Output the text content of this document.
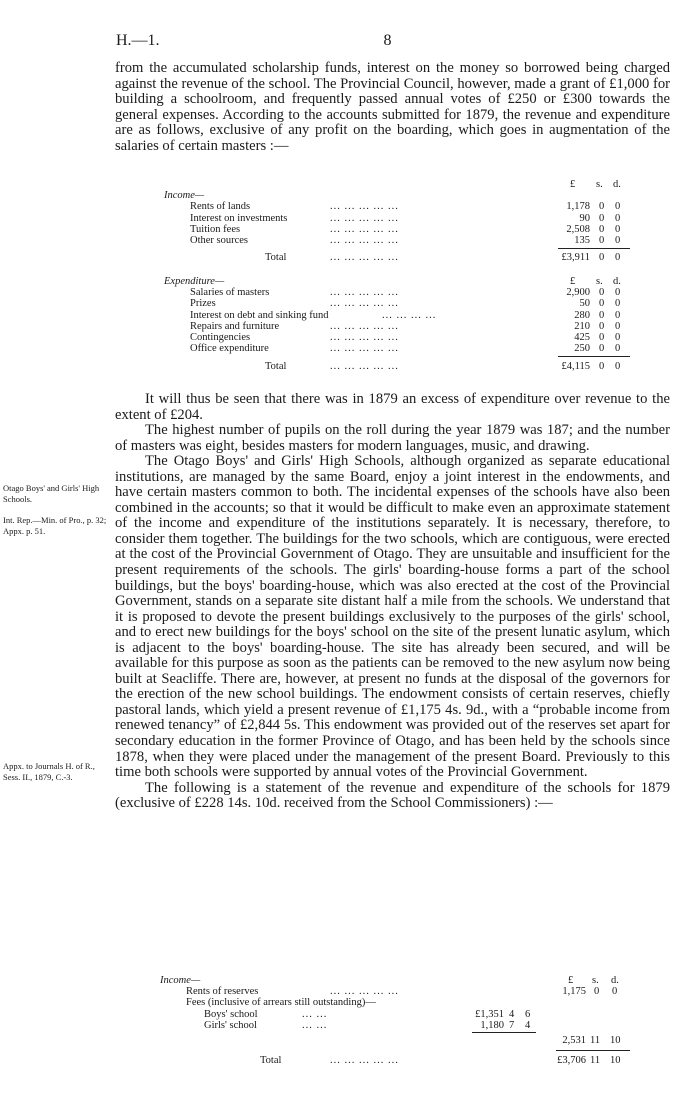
H.—1.	8

from the accumulated scholarship funds, interest on the money so borrowed being charged against the revenue of the school. The Provincial Council, however, made a grant of £1,000 for building a schoolroom, and frequently passed annual votes of £250 or £300 towards the general expenses. According to the accounts submitted for 1879, the revenue and expenditure are as follows, exclusive of any profit on the boarding, which goes in augmentation of the salaries of certain masters :—

£ s. d.
Income—
Rents of lands	... ... ... ... ...	1,178 0 0
Interest on investments	... ... ... ... ...	90 0 0
Tuition fees	... ... ... ... ...	2,508 0 0
Other sources	... ... ... ... ...	135 0 0
Total	... ... ... ... ...	£3,911 0 0
Expenditure—	£ s. d.
Salaries of masters	... ... ... ... ...	2,900 0 0
Prizes	... ... ... ... ...	50 0 0
Interest on debt and sinking fund	... ... ... ...	280 0 0
Repairs and furniture	... ... ... ... ...	210 0 0
Contingencies	... ... ... ... ...	425 0 0
Office expenditure	... ... ... ... ...	250 0 0
Total	... ... ... ... ...	£4,115 0 0

It will thus be seen that there was in 1879 an excess of expenditure over revenue to the extent of £204.

The highest number of pupils on the roll during the year 1879 was 187; and the number of masters was eight, besides masters for modern languages, music, and drawing.

The Otago Boys' and Girls' High Schools, although organized as separate educational institutions, are managed by the same Board, enjoy a joint interest in the endowments, and have certain masters common to both. The incidental expenses of the schools have also been combined in the accounts; so that it would be difficult to make even an approximate statement of the income and expenditure of the institutions separately. It is necessary, therefore, to consider them together. The buildings for the two schools, which are contiguous, were erected at the cost of the Provincial Government of Otago. They are unsuitable and insufficient for the present requirements of the schools. The girls' boarding-house forms a part of the school buildings, but the boys' boarding-house, which was also erected at the cost of the Provincial Government, stands on a separate site distant half a mile from the schools. We understand that it is proposed to devote the present buildings exclusively to the purposes of the girls' school, and to erect new buildings for the boys' school on the site of the present lunatic asylum, which is adjacent to the boys' boarding-house. The site has already been secured, and will be available for this purpose as soon as the patients can be removed to the new asylum now being built at Seacliffe. There are, however, at present no funds at the disposal of the governors for the erection of the new school buildings. The endowment consists of certain reserves, chiefly pastoral lands, which yield a present revenue of £1,175 4s. 9d., with a “probable income from renewed tenancy” of £2,844 5s. This endowment was provided out of the reserves set apart for secondary education in the former Province of Otago, and has been held by the schools since 1878, when they were placed under the management of the present Board. Previously to this time both schools were supported by annual votes of the Provincial Government.

The following is a statement of the revenue and expenditure of the schools for 1879 (exclusive of £228 14s. 10d. received from the School Commissioners) :—

Otago Boys' and Girls' High Schools.
Int. Rep.—Min. of Pro., p. 32; Appx. p. 51.
Appx. to Journals H. of R., Sess. II., 1879, C.-3.
Income—	£ s. d.
Rents of reserves	... ... ... ... ...	1,175 0 0
Fees (inclusive of arrears still outstanding)—
Boys' school	... ...	£1,351 4 6
Girls' school	... ...	1,180 7 4
2,531 11 10
Total	... ... ... ... ...	£3,706 11 10
